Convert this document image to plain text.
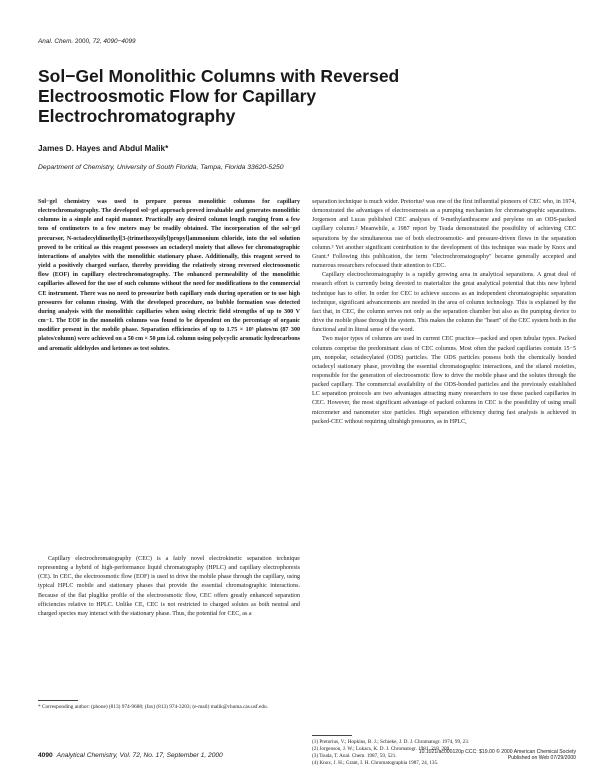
Anal. Chem. 2000, 72, 4090−4099
Sol−Gel Monolithic Columns with Reversed Electroosmotic Flow for Capillary Electrochromatography
James D. Hayes and Abdul Malik*
Department of Chemistry, University of South Florida, Tampa, Florida 33620-5250

Sol−gel chemistry was used to prepare porous monolithic columns for capillary electrochromatography. The developed sol−gel approach proved invaluable and generates monolithic columns in a simple and rapid manner. Practically any desired column length ranging from a few tens of centimeters to a few meters may be readily obtained. The incorporation of the sol−gel precursor, N-octadecyldimethyl[3-(trimethoxysilyl)propyl]ammonium chloride, into the sol solution proved to be critical as this reagent possesses an octadecyl moiety that allows for chromatographic interactions of analytes with the monolithic stationary phase. Additionally, this reagent served to yield a positively charged surface, thereby providing the relatively strong reversed electroosmotic flow (EOF) in capillary electrochromatography. The enhanced permeability of the monolithic capillaries allowed for the use of such columns without the need for modifications to the commercial CE instrument. There was no need to pressurize both capillary ends during operation or to use high pressures for column rinsing. With the developed procedure, no bubble formation was detected during analysis with the monolithic capillaries when using electric field strengths of up to 300 V cm−1. The EOF in the monolith columns was found to be dependent on the percentage of organic modifier present in the mobile phase. Separation efficiencies of up to 1.75 × 10⁵ plates/m (87 300 plates/column) were achieved on a 50 cm × 50 μm i.d. column using polycyclic aromatic hydrocarbons and aromatic aldehydes and ketones as test solutes.

Capillary electrochromatography (CEC) is a fairly novel electrokinetic separation technique representing a hybrid of high-performance liquid chromatography (HPLC) and capillary electrophoresis (CE). In CEC, the electroosmotic flow (EOF) is used to drive the mobile phase through the capillary, using typical HPLC mobile and stationary phases that provide the essential chromatographic interactions. Because of the flat pluglike profile of the electroosmotic flow, CEC offers greatly enhanced separation efficiencies relative to HPLC. Unlike CE, CEC is not restricted to charged solutes as both neutral and charged species may interact with the stationary phase. Thus, the potential for CEC, as a

separation technique is much wider. Pretorius¹ was one of the first influential pioneers of CEC who, in 1974, demonstrated the advantages of electroosmosis as a pumping mechanism for chromatographic separations. Jorgenson and Lucas published CEC analyses of 9-methylanthracene and perylene on an ODS-packed capillary column.² Meanwhile, a 1987 report by Tsuda demonstrated the possibility of achieving CEC separations by the simultaneous use of both electroosmotic- and pressure-driven flows in the separation column.³ Yet another significant contribution to the development of this technique was made by Knox and Grant.⁴ Following this publication, the term "electrochromatography" became generally accepted and numerous researchers refocused their attention to CEC.

Capillary electrochromatography is a rapidly growing area in analytical separations. A great deal of research effort is currently being devoted to materialize the great analytical potential that this new hybrid technique has to offer. In order for CEC to achieve success as an independent chromatographic separation technique, significant advancements are needed in the area of column technology. This is explained by the fact that, in CEC, the column serves not only as the separation chamber but also as the pumping device to drive the mobile phase through the system. This makes the column the "heart" of the CEC system both in the functional and in literal sense of the word.

Two major types of columns are used in current CEC practice—packed and open tubular types. Packed columns comprise the predominant class of CEC columns. Most often the packed capillaries contain 15−5 μm, nonpolar, octadecylated (ODS) particles. The ODS particles possess both the chemically bonded octadecyl stationary phase, providing the essential chromatographic interactions, and the silanol moieties, responsible for the generation of electroosmotic flow to drive the mobile phase and the solutes through the packed capillary. The commercial availability of the ODS-bonded particles and the previously established LC separation protocols are two advantages attracting many researchers to use these packed capillaries in CEC. However, the most significant advantage of packed columns in CEC is the possibility of using small micrometer and nanometer size particles. High separation efficiency during fast analysis is achieved in packed-CEC without requiring ultrahigh pressures, as in HPLC,

* Corresponding author: (phone) (813) 974-9688; (fax) (813) 974-3203; (e-mail) malik@chuma.cas.usf.edu.
(1) Pretorius, V.; Hopkins, B. J.; Schieke, J. D. J. Chromatogr. 1974, 99, 23.
(2) Jorgenson, J. W.; Lukacs, K. D. J. Chromatogr. 1981, 218, 209.
(3) Tsuda, T. Anal. Chem. 1987, 59, 521.
(4) Knox, J. H.; Grant, I. H. Chromatographia 1987, 24, 135.
4090 Analytical Chemistry, Vol. 72, No. 17, September 1, 2000	10.1021/ac000120p CCC: $19.00 © 2000 American Chemical Society
Published on Web 07/29/2000
